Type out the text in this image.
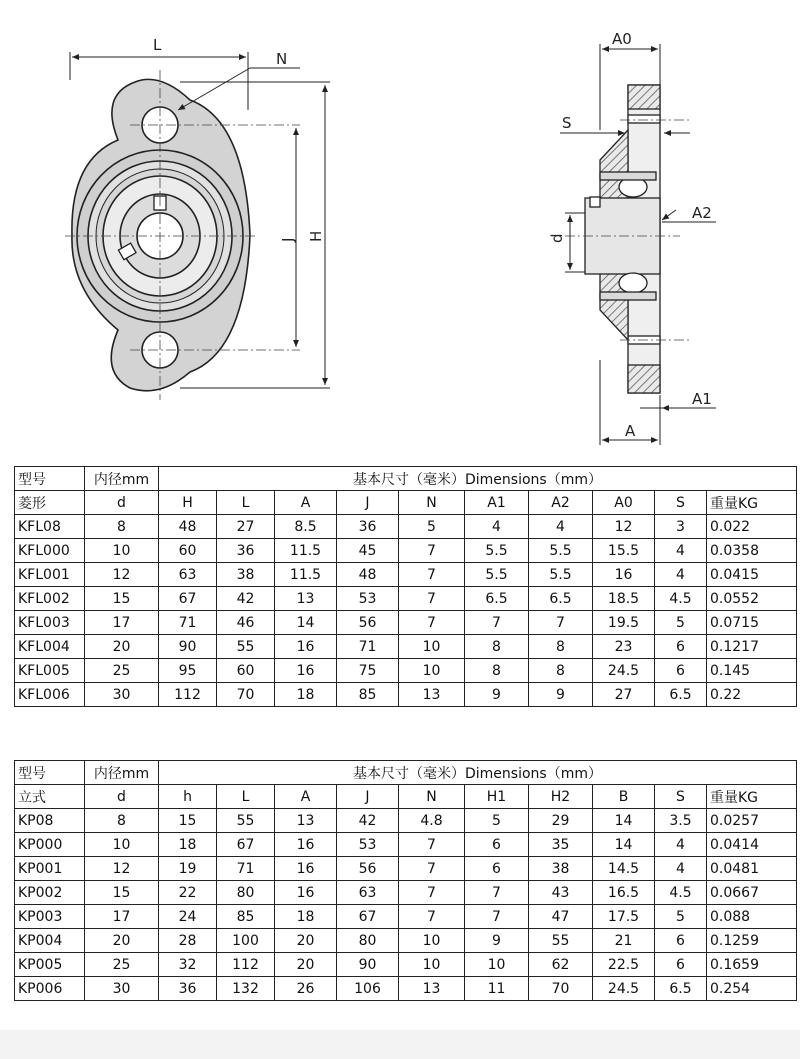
L
N
J H
A0
S
A2
d
A1
A
型号	内径mm	基本尺寸（毫米）Dimensions（mm）									
菱形	d	H	L	A	J	N	A1	A2	A0	S	重量KG
KFL08	8	48	27	8.5	36	5	4	4	12	3	0.022
KFL000	10	60	36	11.5	45	7	5.5	5.5	15.5	4	0.0358
KFL001	12	63	38	11.5	48	7	5.5	5.5	16	4	0.0415
KFL002	15	67	42	13	53	7	6.5	6.5	18.5	4.5	0.0552
KFL003	17	71	46	14	56	7	7	7	19.5	5	0.0715
KFL004	20	90	55	16	71	10	8	8	23	6	0.1217
KFL005	25	95	60	16	75	10	8	8	24.5	6	0.145
KFL006	30	112	70	18	85	13	9	9	27	6.5	0.22
型号	内径mm	基本尺寸（毫米）Dimensions（mm）									
立式	d	h	L	A	J	N	H1	H2	B	S	重量KG
KP08	8	15	55	13	42	4.8	5	29	14	3.5	0.0257
KP000	10	18	67	16	53	7	6	35	14	4	0.0414
KP001	12	19	71	16	56	7	6	38	14.5	4	0.0481
KP002	15	22	80	16	63	7	7	43	16.5	4.5	0.0667
KP003	17	24	85	18	67	7	7	47	17.5	5	0.088
KP004	20	28	100	20	80	10	9	55	21	6	0.1259
KP005	25	32	112	20	90	10	10	62	22.5	6	0.1659
KP006	30	36	132	26	106	13	11	70	24.5	6.5	0.254
